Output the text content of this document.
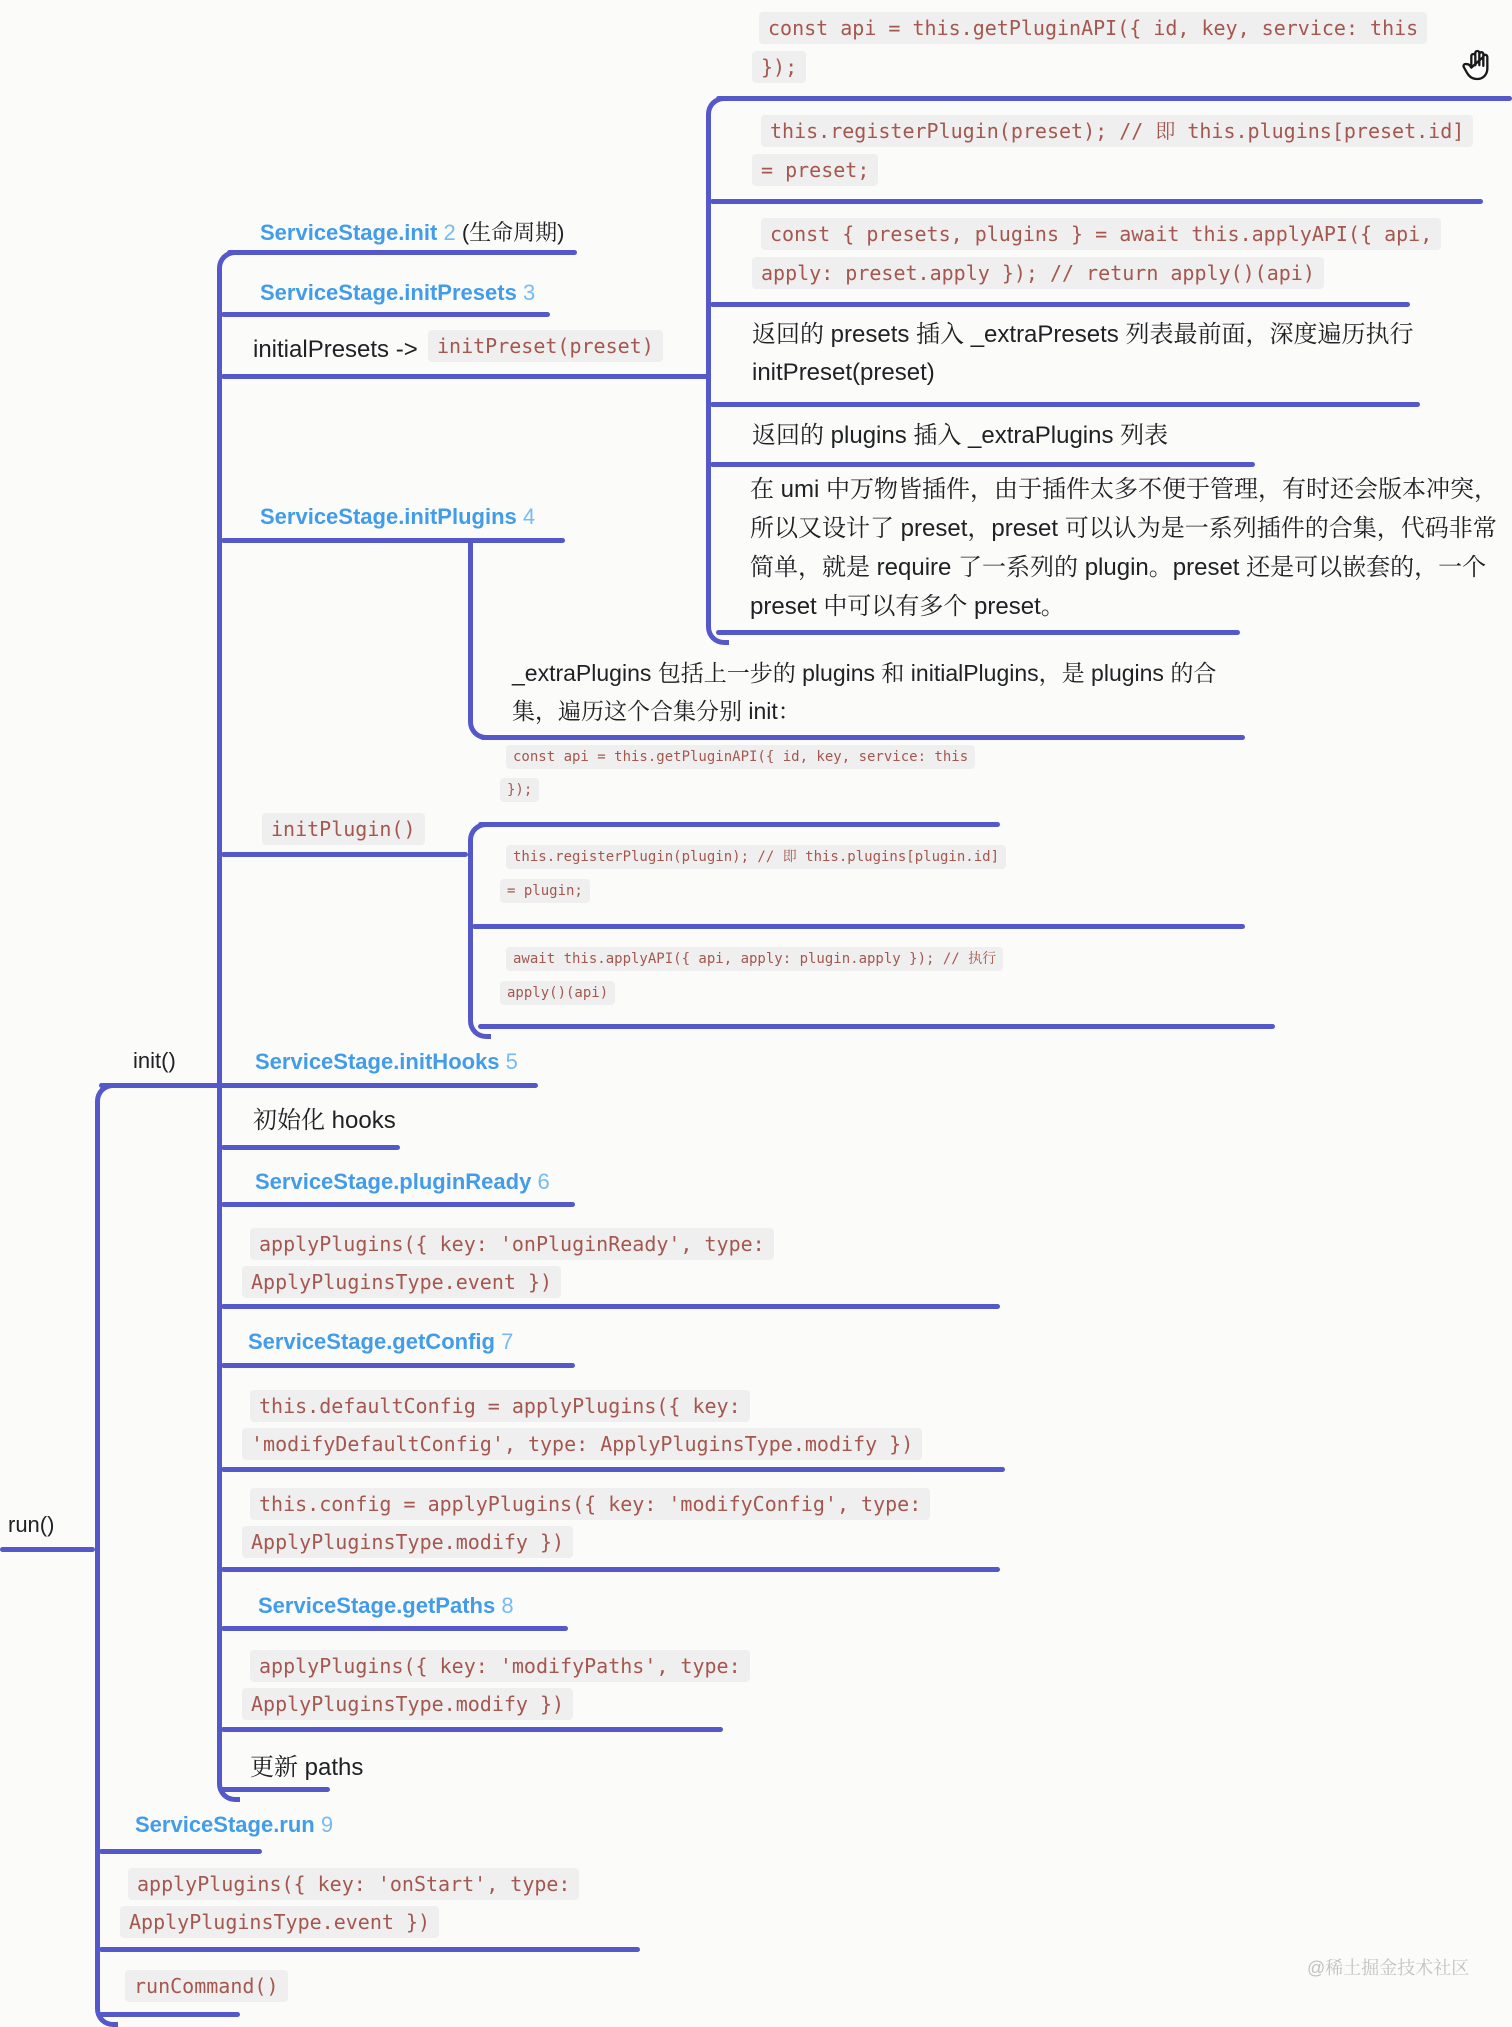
run()
init()
ServiceStage.init 2 (生命周期)
ServiceStage.initPresets 3
ServiceStage.initPlugins 4
ServiceStage.initHooks 5
ServiceStage.pluginReady 6
ServiceStage.getConfig 7
ServiceStage.getPaths 8
ServiceStage.run 9
initialPresets -> initPreset(preset)
const api = this.getPluginAPI({ id, key, service: this
});
this.registerPlugin(preset); // 即 this.plugins[preset.id]
= preset;
const { presets, plugins } = await this.applyAPI({ api,
apply: preset.apply }); // return apply()(api)
返回的 presets 插入 _extraPresets 列表最前面，深度遍历执行
initPreset(preset)
返回的 plugins 插入 _extraPlugins 列表
在 umi 中万物皆插件，由于插件太多不便于管理，有时还会版本冲突，
所以又设计了 preset，preset 可以认为是一系列插件的合集，代码非常
简单，就是 require 了一系列的 plugin。preset 还是可以嵌套的，一个
preset 中可以有多个 preset。
_extraPlugins 包括上一步的 plugins 和 initialPlugins，是 plugins 的合
集，遍历这个合集分别 init：
initPlugin()
const api = this.getPluginAPI({ id, key, service: this
});
this.registerPlugin(plugin); // 即 this.plugins[plugin.id]
= plugin;
await this.applyAPI({ api, apply: plugin.apply }); // 执行
apply()(api)
初始化 hooks
applyPlugins({ key: 'onPluginReady', type:
ApplyPluginsType.event })
this.defaultConfig = applyPlugins({ key:
'modifyDefaultConfig', type: ApplyPluginsType.modify })
this.config = applyPlugins({ key: 'modifyConfig', type:
ApplyPluginsType.modify })
applyPlugins({ key: 'modifyPaths', type:
ApplyPluginsType.modify })
更新 paths
applyPlugins({ key: 'onStart', type:
ApplyPluginsType.event })
runCommand()
@稀土掘金技术社区
